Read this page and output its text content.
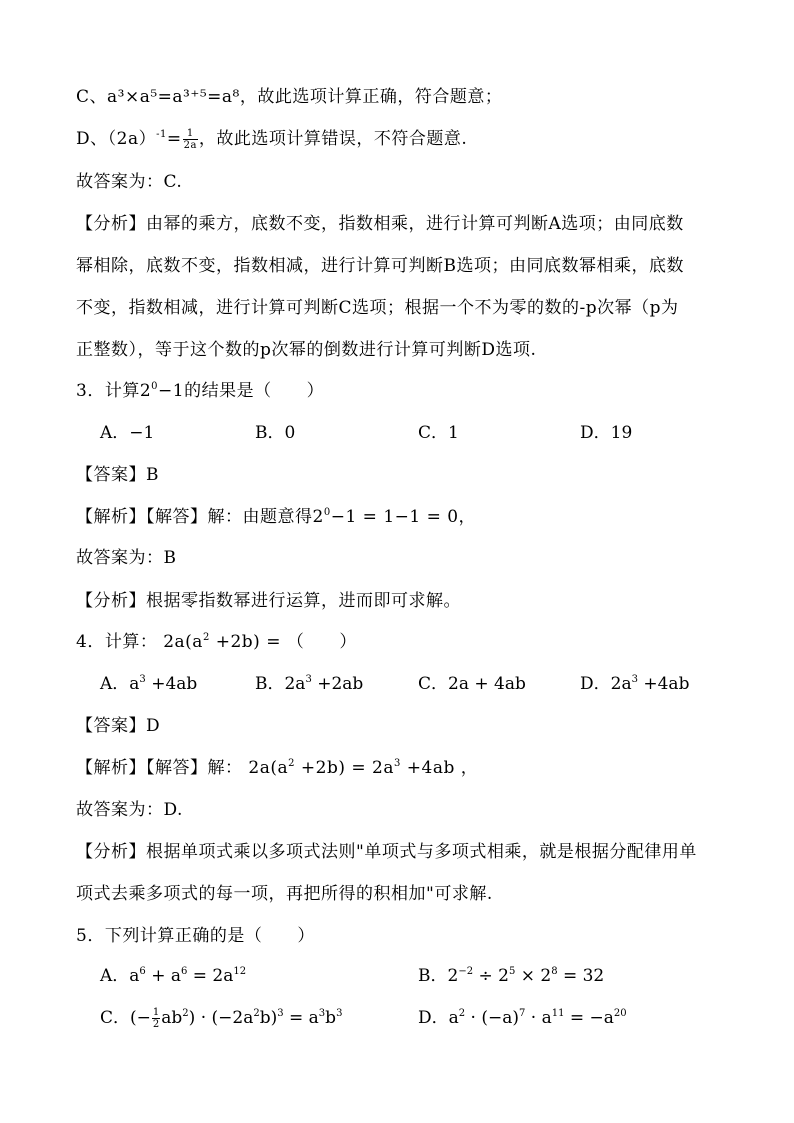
C、a³×a⁵=a³⁺⁵=a⁸，故此选项计算正确，符合题意；
D、$(2a)^{-1}= \frac{1}{2a}$ ，故此选项计算错误，不符合题意.
故答案为：C.
【分析】由幂的乘方，底数不变，指数相乘，进行计算可判断A选项；由同底数
幂相除，底数不变，指数相减，进行计算可判断B选项；由同底数幂相乘，底数
不变，指数相减，进行计算可判断C选项；根据一个不为零的数的-p次幂（p为
正整数），等于这个数的p次幂的倒数进行计算可判断D选项.
3．计算$2^0-1$的结果是（　　）
A．−1	B．0	C．1	D．19
【答案】B
【解析】【解答】解：由题意得$2^0-1 = 1-1 = 0$，
故答案为：B
【分析】根据零指数幂进行运算，进而即可求解。
4．计算： $2a(a^2 +2b)$ = （　　）
A．$a^3 +4ab$	B．$2a^3 +2ab$	C．2a + 4ab	D．$2a^3 +4ab$
【答案】D
【解析】【解答】解： $2a(a^2 +2b) = 2a^3 +4ab$ ，
故答案为：D.
【分析】根据单项式乘以多项式法则"单项式与多项式相乘，就是根据分配律用单
项式去乘多项式的每一项，再把所得的积相加"可求解.
5．下列计算正确的是（　　）
A．$a^6 + a^6 = 2a^{12}$	B．$2^{-2} \div 2^5 \times 2^8 = 32$
C．(− $\frac{1}{2} ab^2) \cdot (-2a^2b)^3 = a^3b^3$	D．$a^2 \cdot (-a)^7 \cdot a^{11} = -a^{20}$
